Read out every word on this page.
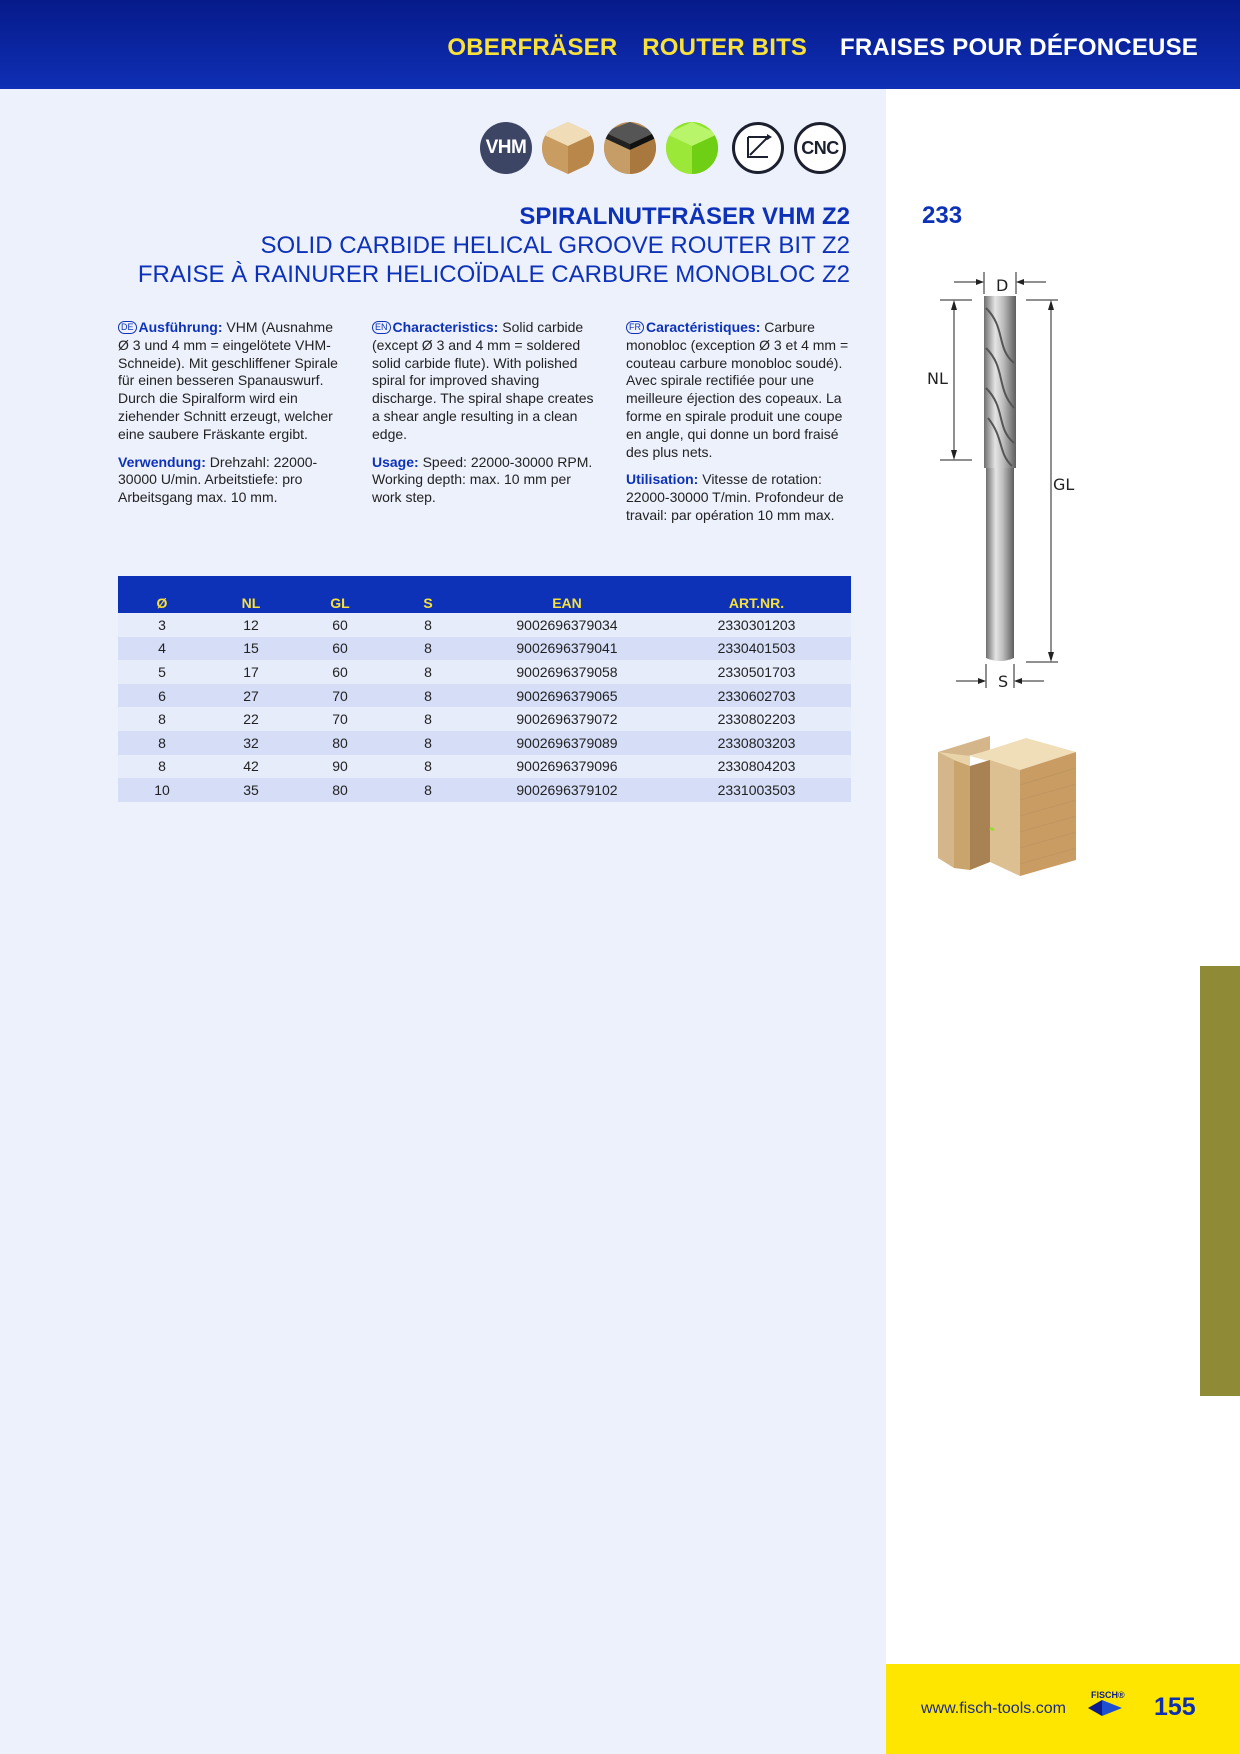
OBERFRÄSER ROUTER BITS FRAISES POUR DÉFONCEUSE
VHM	CNC
233
SPIRALNUTFRÄSER VHM Z2
SOLID CARBIDE HELICAL GROOVE ROUTER BIT Z2
FRAISE À RAINURER HELICOÏDALE CARBURE MONOBLOC Z2

DE Ausführung: VHM (Ausnahme Ø 3 und 4 mm = eingelötete VHM-Schneide). Mit geschliffener Spirale für einen besseren Spanauswurf. Durch die Spiralform wird ein ziehender Schnitt erzeugt, welcher eine saubere Fräskante ergibt.

Verwendung: Drehzahl: 22000-30000 U/min. Arbeitstiefe: pro Arbeitsgang max. 10 mm.

EN Characteristics: Solid carbide (except Ø 3 and 4 mm = soldered solid carbide flute). With polished spiral for improved shaving discharge. The spiral shape creates a shear angle resulting in a clean edge.

Usage: Speed: 22000-30000 RPM. Working depth: max. 10 mm per work step.

FR Caractéristiques: Carbure monobloc (exception Ø 3 et 4 mm = couteau carbure monobloc soudé). Avec spirale rectifiée pour une meilleure éjection des copeaux. La forme en spirale produit une coupe en angle, qui donne un bord fraisé des plus nets.

Utilisation: Vitesse de rotation: 22000-30000 T/min. Profondeur de travail: par opération 10 mm max.

Ø	NL	GL	S	EAN	ART.NR.
3	12	60	8	9002696379034	2330301203
4	15	60	8	9002696379041	2330401503
5	17	60	8	9002696379058	2330501703
6	27	70	8	9002696379065	2330602703
8	22	70	8	9002696379072	2330802203
8	32	80	8	9002696379089	2330803203
8	42	90	8	9002696379096	2330804203
10	35	80	8	9002696379102	2331003503
D
NL
GL
S
www.fisch-tools.com
FISCH® 155
